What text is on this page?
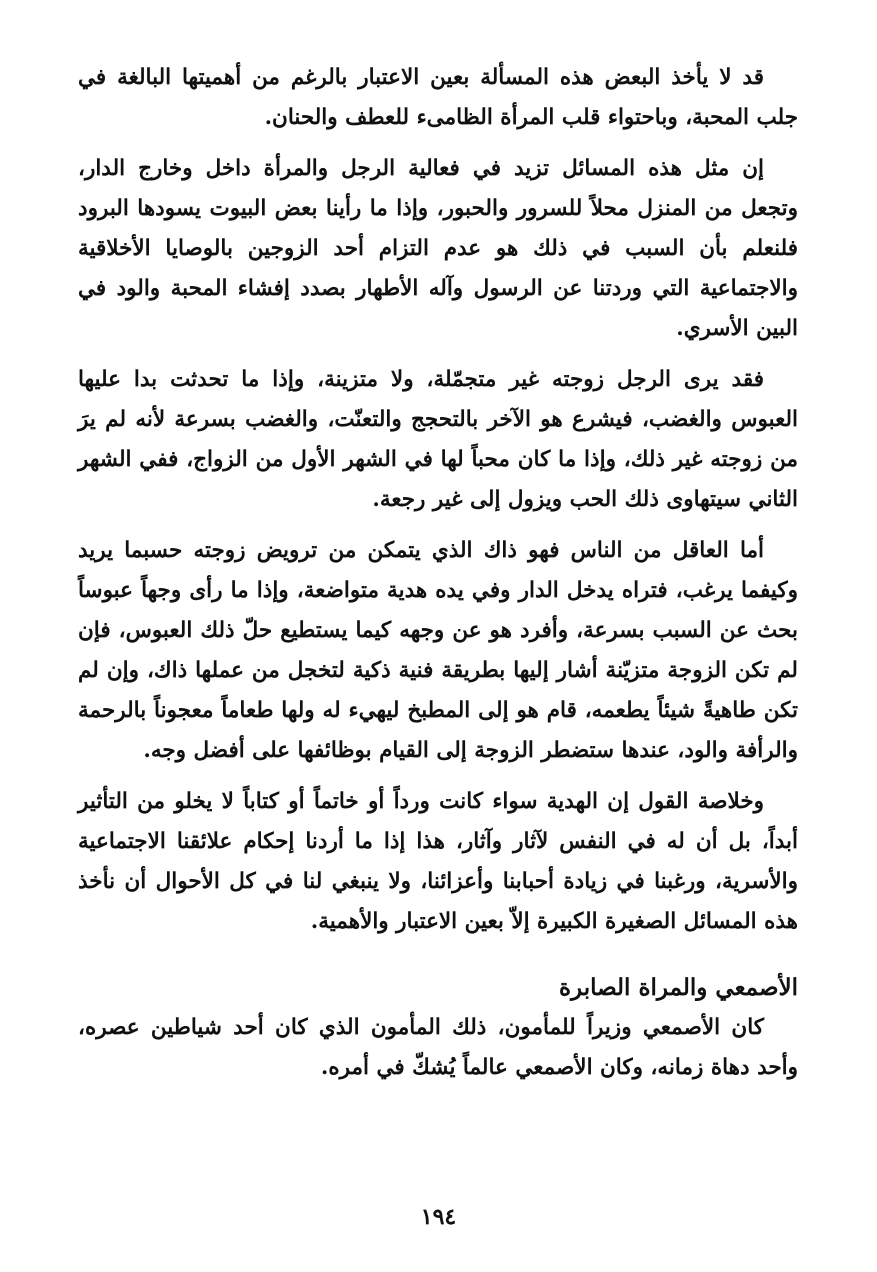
قد لا يأخذ البعض هذه المسألة بعين الاعتبار بالرغم من أهميتها البالغة في جلب المحبة، وباحتواء قلب المرأة الظامىء للعطف والحنان.

إن مثل هذه المسائل تزيد في فعالية الرجل والمرأة داخل وخارج الدار، وتجعل من المنزل محلاً للسرور والحبور، وإذا ما رأينا بعض البيوت يسودها البرود فلنعلم بأن السبب في ذلك هو عدم التزام أحد الزوجين بالوصايا الأخلاقية والاجتماعية التي وردتنا عن الرسول وآله الأطهار بصدد إفشاء المحبة والود في البين الأسري.

فقد يرى الرجل زوجته غير متجمّلة، ولا متزينة، وإذا ما تحدثت بدا عليها العبوس والغضب، فيشرع هو الآخر بالتحجج والتعنّت، والغضب بسرعة لأنه لم يرَ من زوجته غير ذلك، وإذا ما كان محباً لها في الشهر الأول من الزواج، ففي الشهر الثاني سيتهاوى ذلك الحب ويزول إلى غير رجعة.

أما العاقل من الناس فهو ذاك الذي يتمكن من ترويض زوجته حسبما يريد وكيفما يرغب، فتراه يدخل الدار وفي يده هدية متواضعة، وإذا ما رأى وجهاً عبوساً بحث عن السبب بسرعة، وأفرد هو عن وجهه كيما يستطيع حلّ ذلك العبوس، فإن لم تكن الزوجة متزيّنة أشار إليها بطريقة فنية ذكية لتخجل من عملها ذاك، وإن لم تكن طاهيةً شيئاً يطعمه، قام هو إلى المطبخ ليهيء له ولها طعاماً معجوناً بالرحمة والرأفة والود، عندها ستضطر الزوجة إلى القيام بوظائفها على أفضل وجه.

وخلاصة القول إن الهدية سواء كانت ورداً أو خاتماً أو كتاباً لا يخلو من التأثير أبداً، بل أن له في النفس لآثار وآثار، هذا إذا ما أردنا إحكام علائقنا الاجتماعية والأسرية، ورغبنا في زيادة أحبابنا وأعزائنا، ولا ينبغي لنا في كل الأحوال أن نأخذ هذه المسائل الصغيرة الكبيرة إلاّ بعين الاعتبار والأهمية.

الأصمعي والمراة الصابرة

كان الأصمعي وزيراً للمأمون، ذلك المأمون الذي كان أحد شياطين عصره، وأحد دهاة زمانه، وكان الأصمعي عالماً يُشكّ في أمره.

١٩٤
